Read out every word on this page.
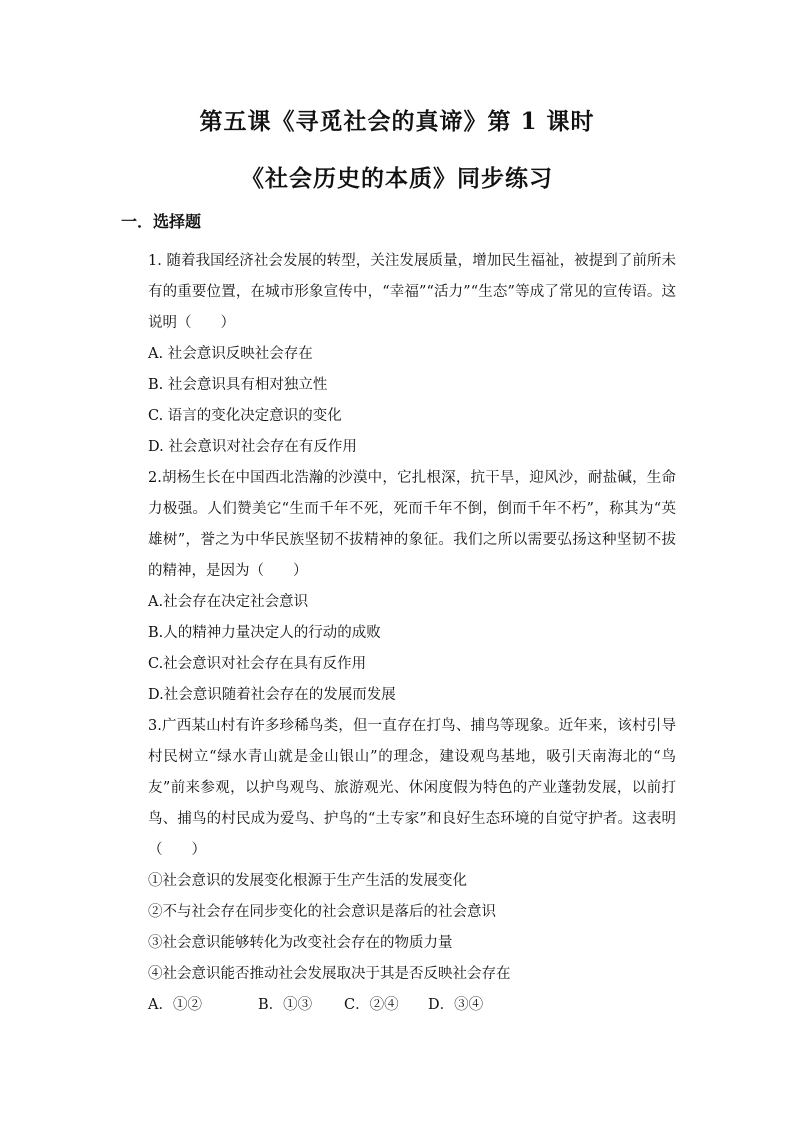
第五课《寻觅社会的真谛》第 1 课时
《社会历史的本质》同步练习
一．选择题

1. 随着我国经济社会发展的转型，关注发展质量，增加民生福祉，被提到了前所未有的重要位置，在城市形象宣传中，“幸福”“活力”“生态”等成了常见的宣传语。这说明（　　）

A. 社会意识反映社会存在

B. 社会意识具有相对独立性

C. 语言的变化决定意识的变化

D. 社会意识对社会存在有反作用

2.胡杨生长在中国西北浩瀚的沙漠中，它扎根深，抗干旱，迎风沙，耐盐碱，生命力极强。人们赞美它“生而千年不死，死而千年不倒，倒而千年不朽”，称其为“英雄树”，誉之为中华民族坚韧不拔精神的象征。我们之所以需要弘扬这种坚韧不拔的精神，是因为（　　）

A.社会存在决定社会意识

B.人的精神力量决定人的行动的成败

C.社会意识对社会存在具有反作用

D.社会意识随着社会存在的发展而发展

3.广西某山村有许多珍稀鸟类，但一直存在打鸟、捕鸟等现象。近年来，该村引导村民树立“绿水青山就是金山银山”的理念，建设观鸟基地，吸引天南海北的“鸟友”前来参观，以护鸟观鸟、旅游观光、休闲度假为特色的产业蓬勃发展，以前打鸟、捕鸟的村民成为爱鸟、护鸟的“土专家”和良好生态环境的自觉守护者。这表明（　　）

①社会意识的发展变化根源于生产生活的发展变化

②不与社会存在同步变化的社会意识是落后的社会意识

③社会意识能够转化为改变社会存在的物质力量

④社会意识能否推动社会发展取决于其是否反映社会存在

A．①②	B．①③ C．②④ D．③④
